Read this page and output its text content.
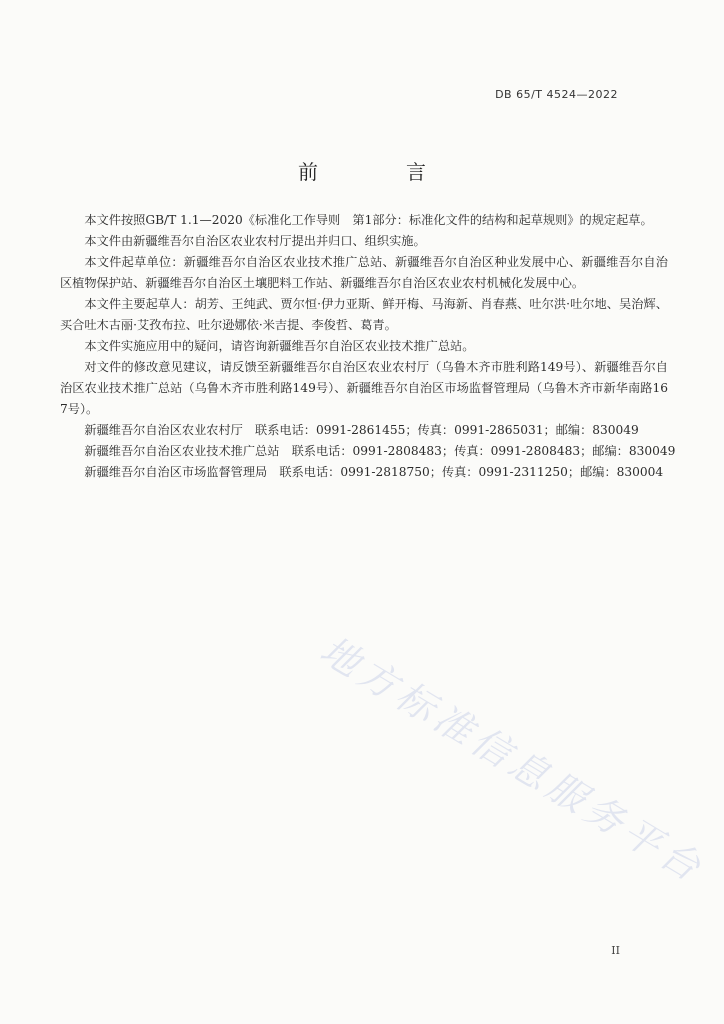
DB 65/T 4524—2022
前　言

本文件按照GB/T 1.1—2020《标准化工作导则　第1部分：标准化文件的结构和起草规则》的规定起草。

本文件由新疆维吾尔自治区农业农村厅提出并归口、组织实施。

本文件起草单位：新疆维吾尔自治区农业技术推广总站、新疆维吾尔自治区种业发展中心、新疆维吾尔自治区植物保护站、新疆维吾尔自治区土壤肥料工作站、新疆维吾尔自治区农业农村机械化发展中心。

本文件主要起草人：胡芳、王纯武、贾尔恒·伊力亚斯、鲜开梅、马海新、肖春燕、吐尔洪·吐尔地、吴治辉、买合吐木古丽·艾孜布拉、吐尔逊娜依·米吉提、李俊哲、葛青。

本文件实施应用中的疑问，请咨询新疆维吾尔自治区农业技术推广总站。

对文件的修改意见建议，请反馈至新疆维吾尔自治区农业农村厅（乌鲁木齐市胜利路149号）、新疆维吾尔自治区农业技术推广总站（乌鲁木齐市胜利路149号）、新疆维吾尔自治区市场监督管理局（乌鲁木齐市新华南路167号）。

新疆维吾尔自治区农业农村厅　联系电话：0991-2861455；传真：0991-2865031；邮编：830049

新疆维吾尔自治区农业技术推广总站　联系电话：0991-2808483；传真：0991-2808483；邮编：830049

新疆维吾尔自治区市场监督管理局　联系电话：0991-2818750；传真：0991-2311250；邮编：830004

地方标准信息服务平台
II
